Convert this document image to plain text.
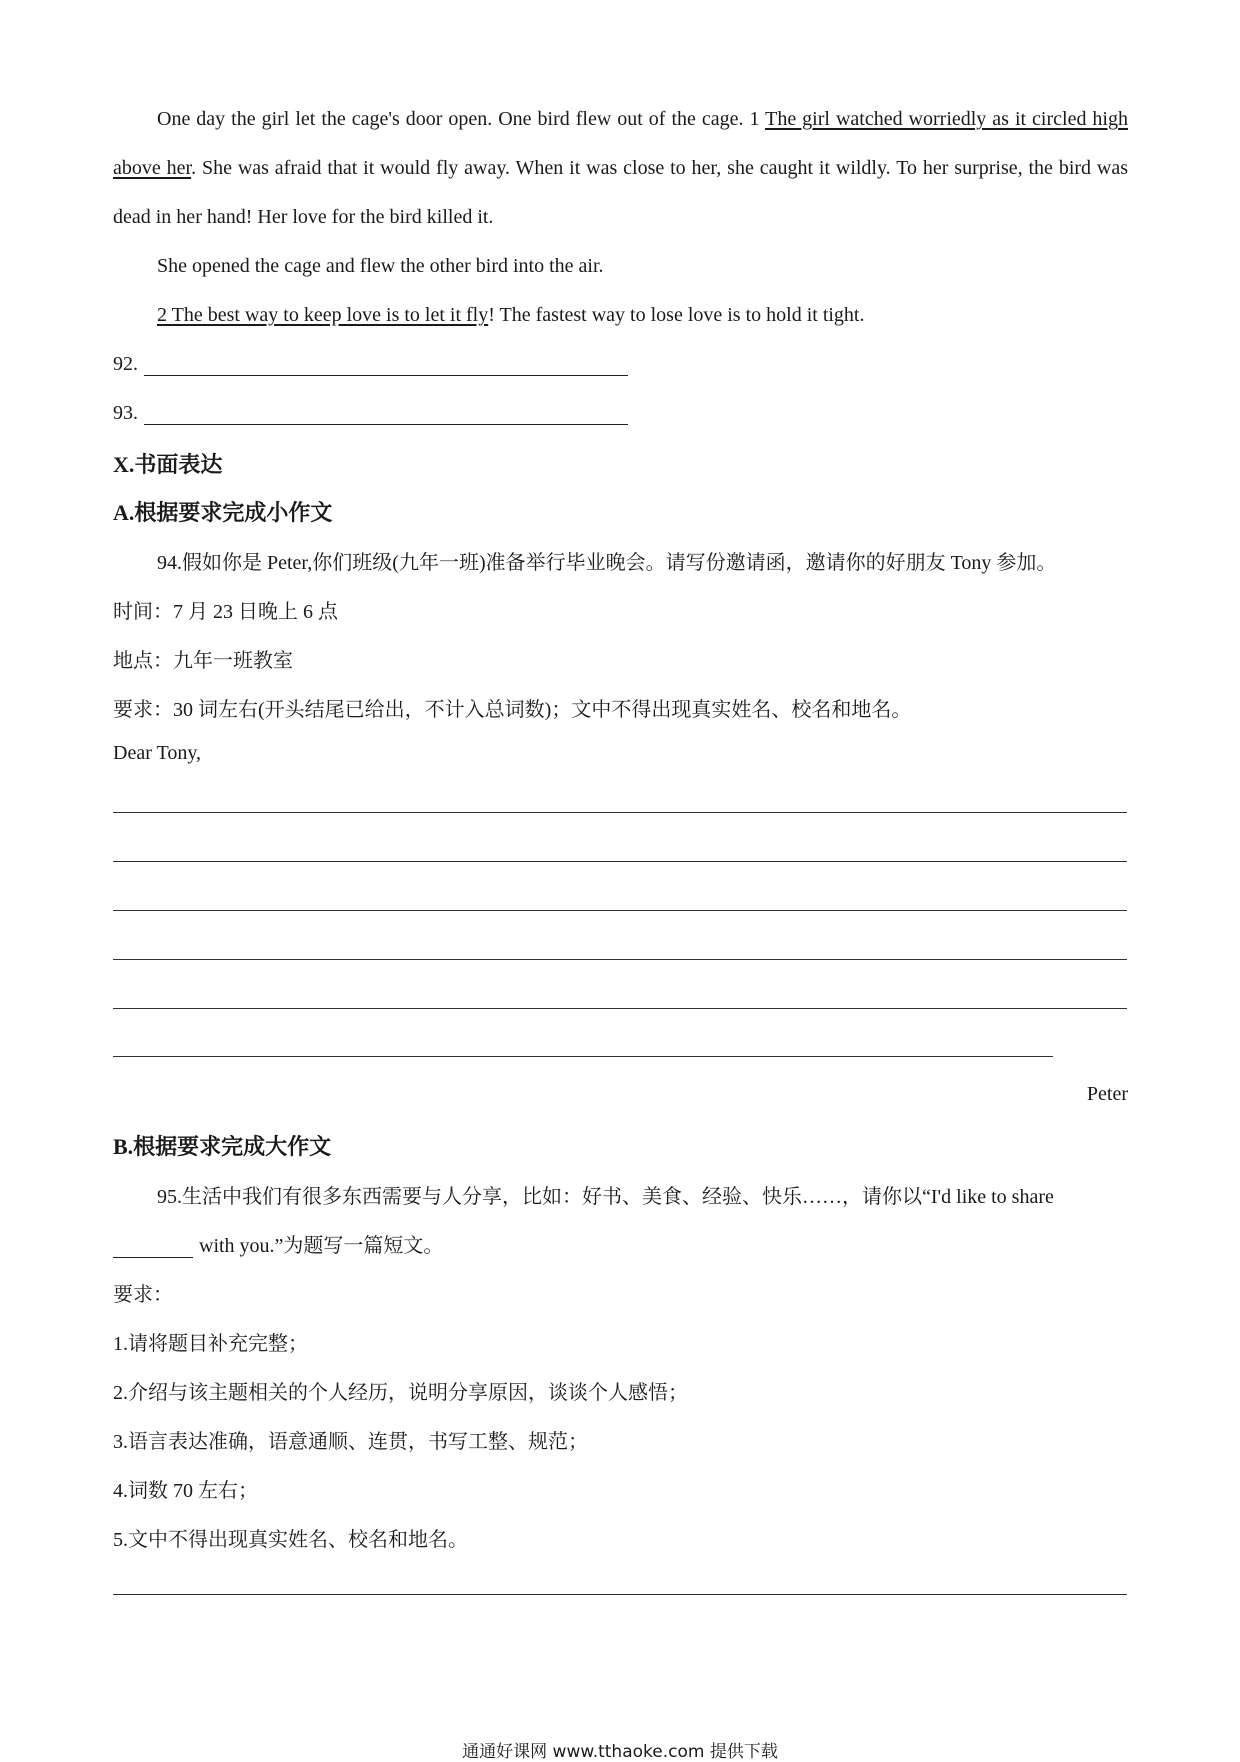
One day the girl let the cage's door open. One bird flew out of the cage. 1 The girl watched worriedly as it circled high above her. She was afraid that it would fly away. When it was close to her, she caught it wildly. To her surprise, the bird was dead in her hand! Her love for the bird killed it.

She opened the cage and flew the other bird into the air.

2 The best way to keep love is to let it fly! The fastest way to lose love is to hold it tight.

92.
93.
X.书面表达
A.根据要求完成小作文
94.假如你是 Peter,你们班级(九年一班)准备举行毕业晚会。请写份邀请函，邀请你的好朋友 Tony 参加。
时间：7 月 23 日晚上 6 点
地点：九年一班教室
要求：30 词左右(开头结尾已给出，不计入总词数)；文中不得出现真实姓名、校名和地名。
Dear Tony,
Peter
B.根据要求完成大作文
95.生活中我们有很多东西需要与人分享，比如：好书、美食、经验、快乐……，请你以“I'd like to share
with you.”为题写一篇短文。
要求：
1.请将题目补充完整；
2.介绍与该主题相关的个人经历，说明分享原因，谈谈个人感悟；
3.语言表达准确，语意通顺、连贯，书写工整、规范；
4.词数 70 左右；
5.文中不得出现真实姓名、校名和地名。
通通好课网 www.tthaoke.com 提供下载
